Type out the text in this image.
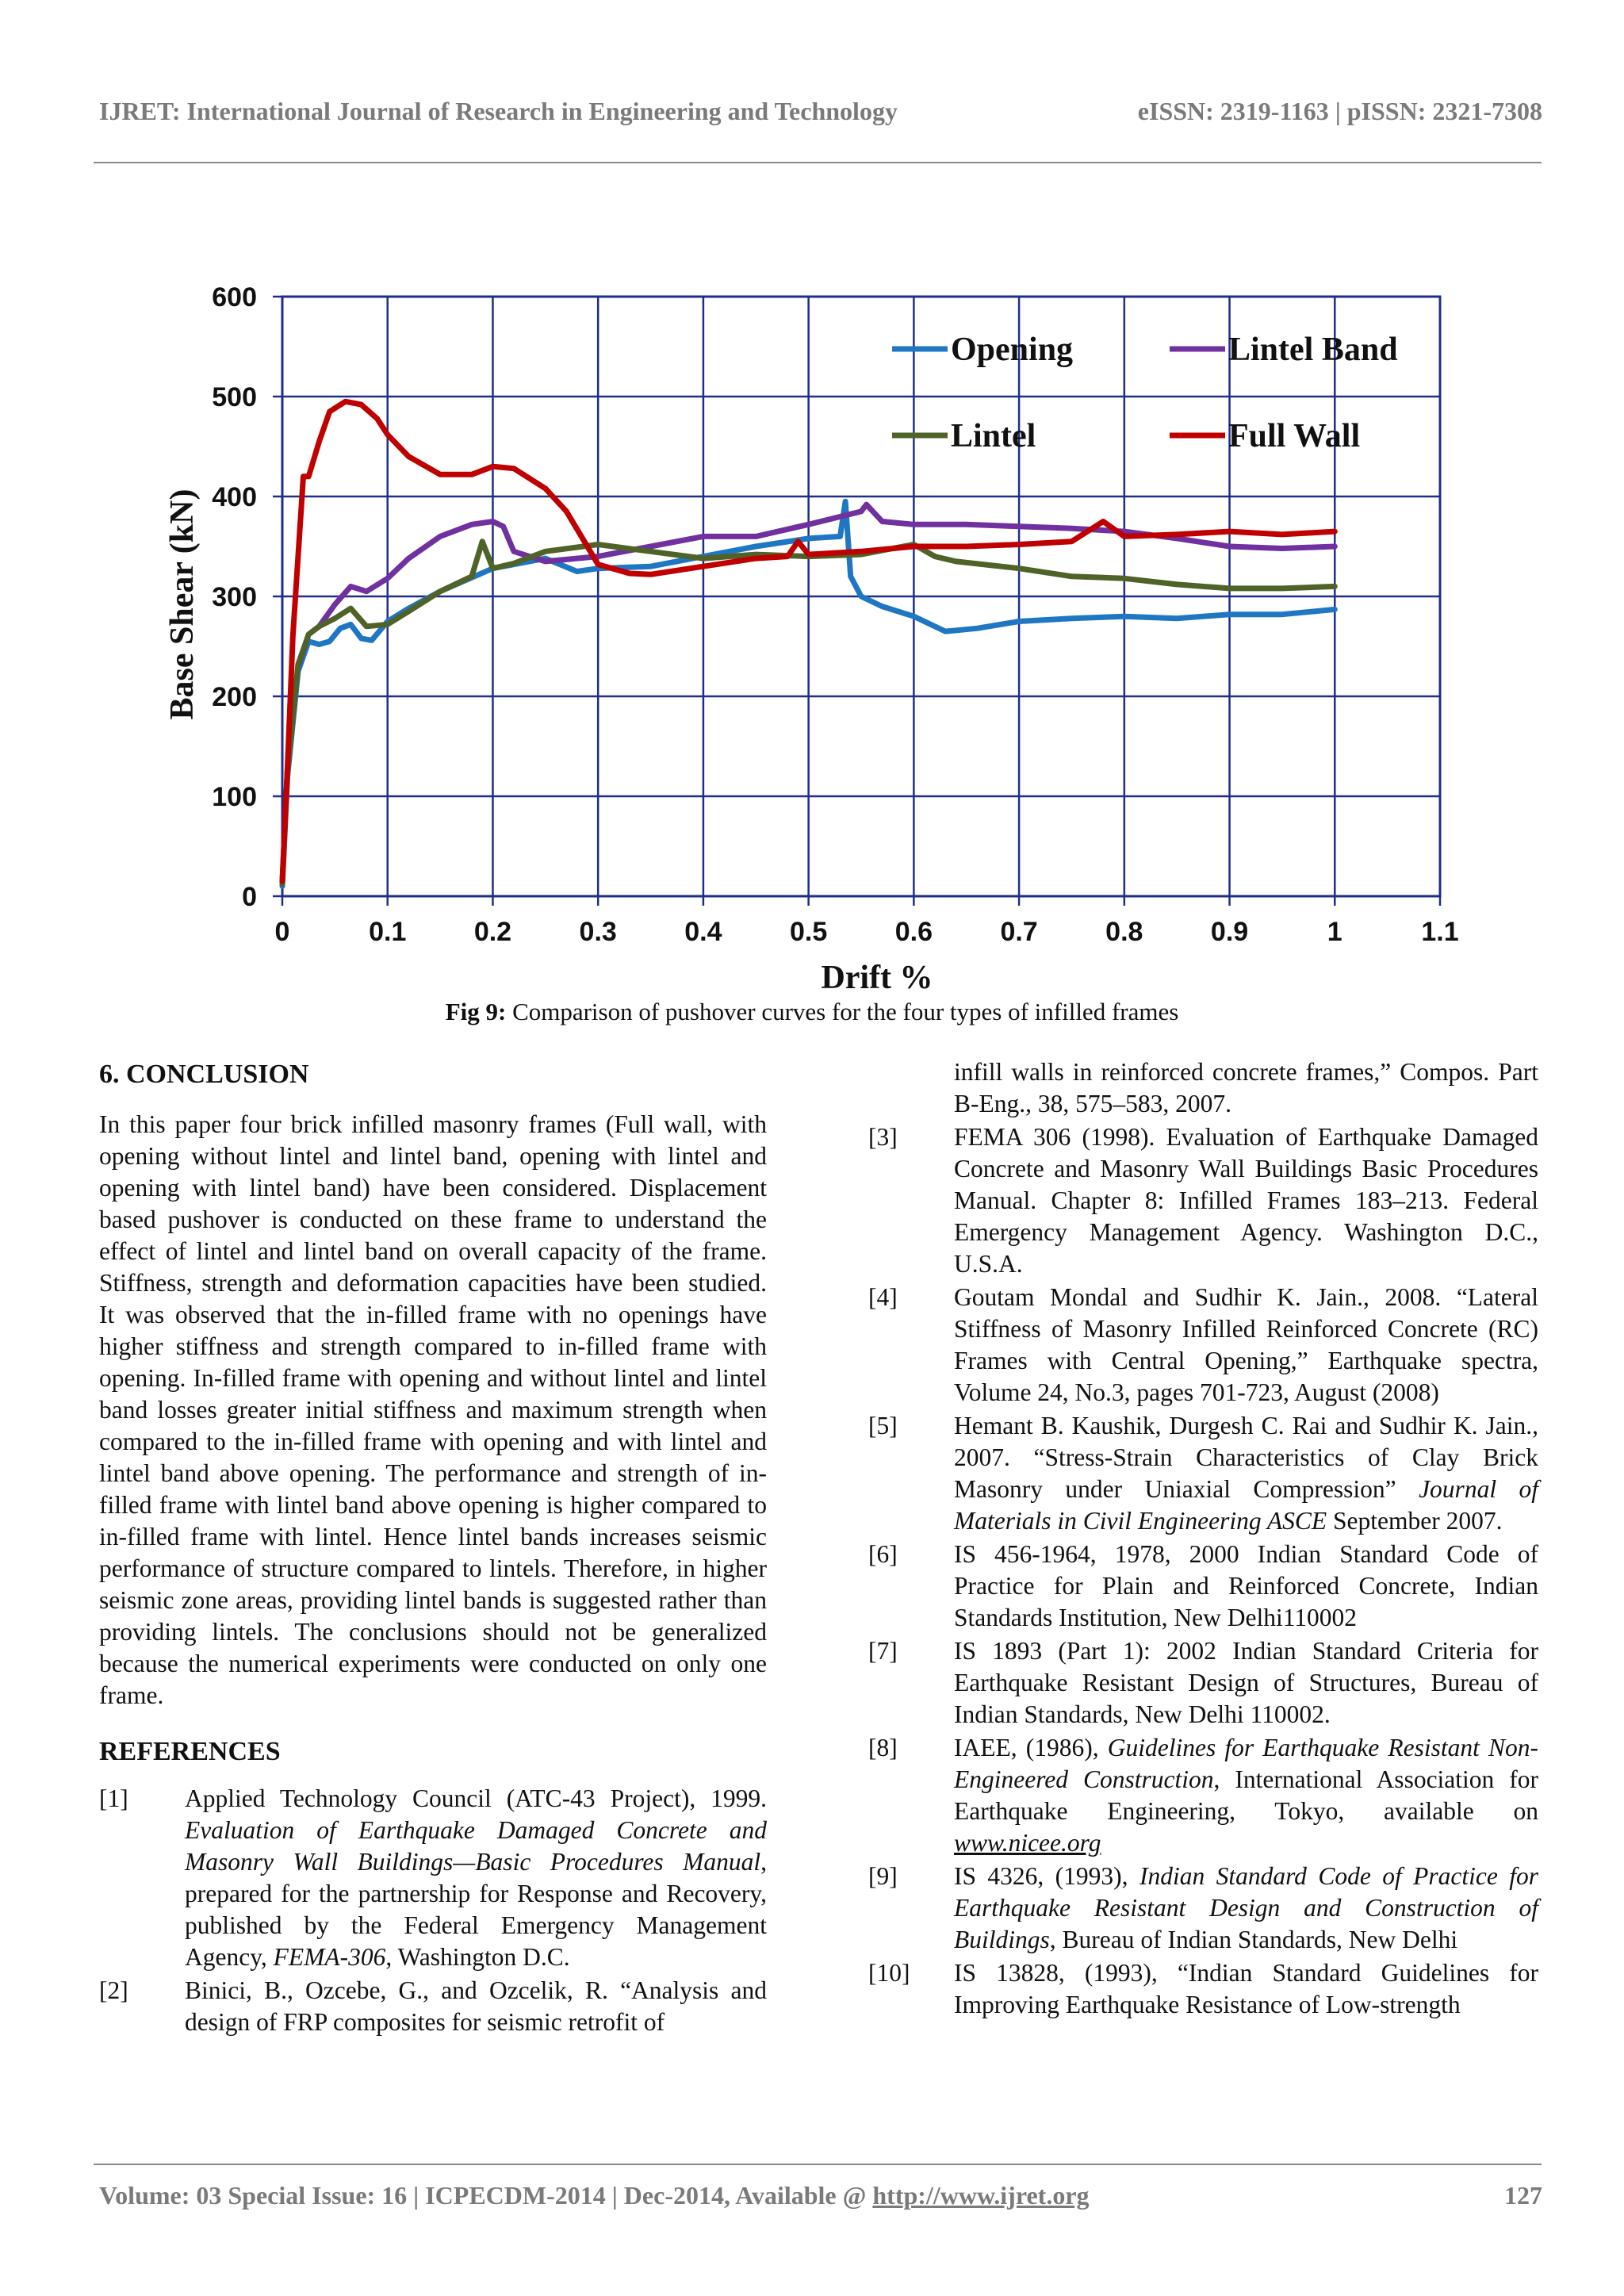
IJRET: International Journal of Research in Engineering and Technology	eISSN: 2319-1163 | pISSN: 2321-7308
0	0.1	0.2	0.3	0.4	0.5	0.6	0.7	0.8	0.9	1	1.1
0
100
200
300
400
500
600
Drift %
Base Shear (kN)
Opening	Lintel Band
Lintel	Full Wall
Fig 9: Comparison of pushover curves for the four types of infilled frames

6. CONCLUSION

In this paper four brick infilled masonry frames (Full wall, with opening without lintel and lintel band, opening with lintel and opening with lintel band) have been considered. Displacement based pushover is conducted on these frame to understand the effect of lintel and lintel band on overall capacity of the frame. Stiffness, strength and deformation capacities have been studied. It was observed that the in-filled frame with no openings have higher stiffness and strength compared to in-filled frame with opening. In-filled frame with opening and without lintel and lintel band losses greater initial stiffness and maximum strength when compared to the in-filled frame with opening and with lintel and lintel band above opening. The performance and strength of in-filled frame with lintel band above opening is higher compared to in-filled frame with lintel. Hence lintel bands increases seismic performance of structure compared to lintels. Therefore, in higher seismic zone areas, providing lintel bands is suggested rather than providing lintels. The conclusions should not be generalized because the numerical experiments were conducted on only one frame.

REFERENCES

[1]	Applied Technology Council (ATC-43 Project), 1999. Evaluation of Earthquake Damaged Concrete and Masonry Wall Buildings—Basic Procedures Manual, prepared for the partnership for Response and Recovery, published by the Federal Emergency Management Agency, FEMA-306, Washington D.C.
[2]	Binici, B., Ozcebe, G., and Ozcelik, R. “Analysis and design of FRP composites for seismic retrofit of
infill walls in reinforced concrete frames,” Compos. Part B-Eng., 38, 575–583, 2007.
[3]	FEMA 306 (1998). Evaluation of Earthquake Damaged Concrete and Masonry Wall Buildings Basic Procedures Manual. Chapter 8: Infilled Frames 183–213. Federal Emergency Management Agency. Washington D.C., U.S.A.
[4]	Goutam Mondal and Sudhir K. Jain., 2008. “Lateral Stiffness of Masonry Infilled Reinforced Concrete (RC) Frames with Central Opening,” Earthquake spectra, Volume 24, No.3, pages 701-723, August (2008)
[5]	Hemant B. Kaushik, Durgesh C. Rai and Sudhir K. Jain., 2007. “Stress-Strain Characteristics of Clay Brick Masonry under Uniaxial Compression” Journal of Materials in Civil Engineering ASCE September 2007.
[6]	IS 456-1964, 1978, 2000 Indian Standard Code of Practice for Plain and Reinforced Concrete, Indian Standards Institution, New Delhi110002
[7]	IS 1893 (Part 1): 2002 Indian Standard Criteria for Earthquake Resistant Design of Structures, Bureau of Indian Standards, New Delhi 110002.
[8]	IAEE, (1986), Guidelines for Earthquake Resistant Non-Engineered Construction, International Association for Earthquake Engineering, Tokyo, available on www.nicee.org
[9]	IS 4326, (1993), Indian Standard Code of Practice for Earthquake Resistant Design and Construction of Buildings, Bureau of Indian Standards, New Delhi
[10]	IS 13828, (1993), “Indian Standard Guidelines for Improving Earthquake Resistance of Low-strength
Volume: 03 Special Issue: 16 | ICPECDM-2014 | Dec-2014, Available @ http://www.ijret.org	127
